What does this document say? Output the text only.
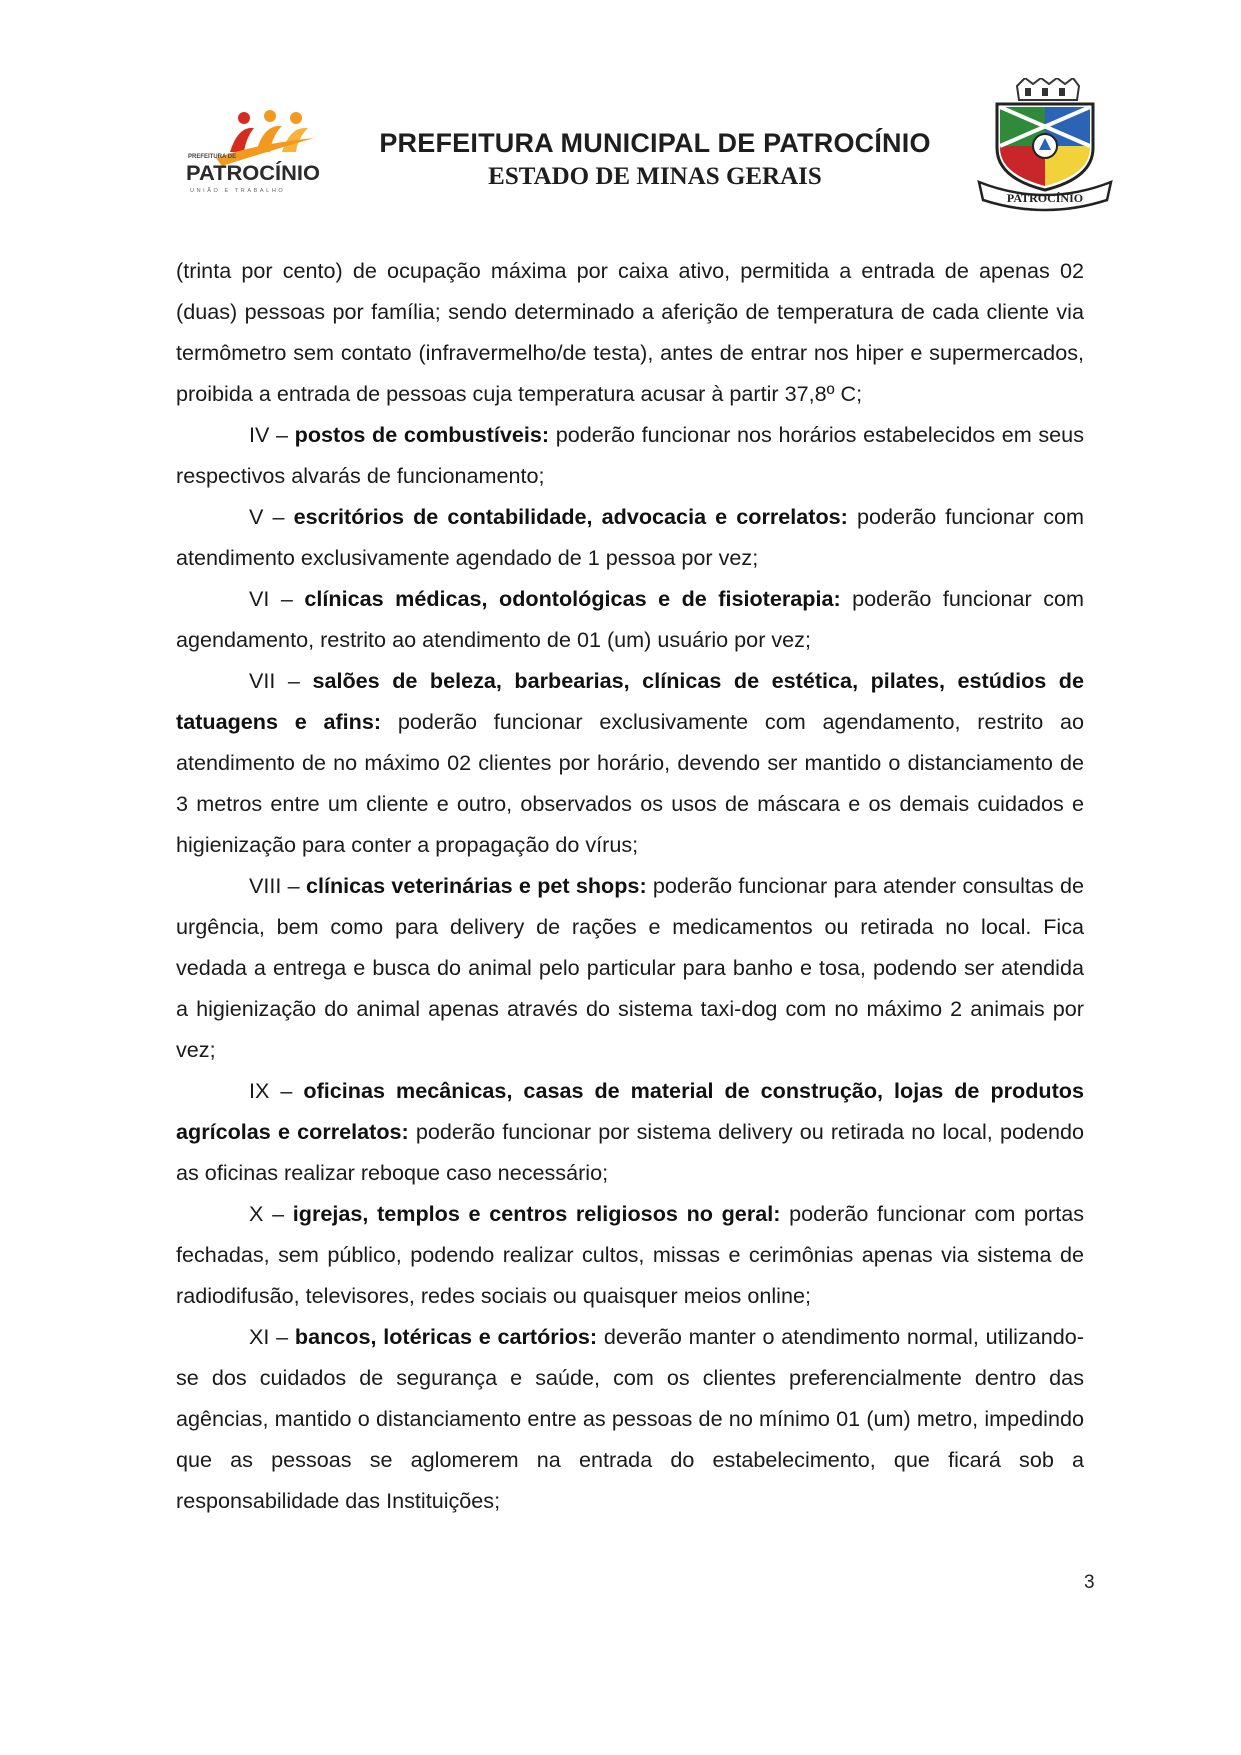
PREFEITURA DE
PATROCÍNIO
UNIÃO E TRABALHO
PREFEITURA MUNICIPAL DE PATROCÍNIO
ESTADO DE MINAS GERAIS
PATROCÍNIO

(trinta por cento) de ocupação máxima por caixa ativo, permitida a entrada de apenas 02 (duas) pessoas por família; sendo determinado a aferição de temperatura de cada cliente via termômetro sem contato (infravermelho/de testa), antes de entrar nos hiper e supermercados, proibida a entrada de pessoas cuja temperatura acusar à partir 37,8º C;

IV – postos de combustíveis: poderão funcionar nos horários estabelecidos em seus respectivos alvarás de funcionamento;

V – escritórios de contabilidade, advocacia e correlatos: poderão funcionar com atendimento exclusivamente agendado de 1 pessoa por vez;

VI – clínicas médicas, odontológicas e de fisioterapia: poderão funcionar com agendamento, restrito ao atendimento de 01 (um) usuário por vez;

VII – salões de beleza, barbearias, clínicas de estética, pilates, estúdios de tatuagens e afins: poderão funcionar exclusivamente com agendamento, restrito ao atendimento de no máximo 02 clientes por horário, devendo ser mantido o distanciamento de 3 metros entre um cliente e outro, observados os usos de máscara e os demais cuidados e higienização para conter a propagação do vírus;

VIII – clínicas veterinárias e pet shops: poderão funcionar para atender consultas de urgência, bem como para delivery de rações e medicamentos ou retirada no local. Fica vedada a entrega e busca do animal pelo particular para banho e tosa, podendo ser atendida a higienização do animal apenas através do sistema taxi-dog com no máximo 2 animais por vez;

IX – oficinas mecânicas, casas de material de construção, lojas de produtos agrícolas e correlatos: poderão funcionar por sistema delivery ou retirada no local, podendo as oficinas realizar reboque caso necessário;

X – igrejas, templos e centros religiosos no geral: poderão funcionar com portas fechadas, sem público, podendo realizar cultos, missas e cerimônias apenas via sistema de radiodifusão, televisores, redes sociais ou quaisquer meios online;

XI – bancos, lotéricas e cartórios: deverão manter o atendimento normal, utilizando-se dos cuidados de segurança e saúde, com os clientes preferencialmente dentro das agências, mantido o distanciamento entre as pessoas de no mínimo 01 (um) metro, impedindo que as pessoas se aglomerem na entrada do estabelecimento, que ficará sob a responsabilidade das Instituições;

3
